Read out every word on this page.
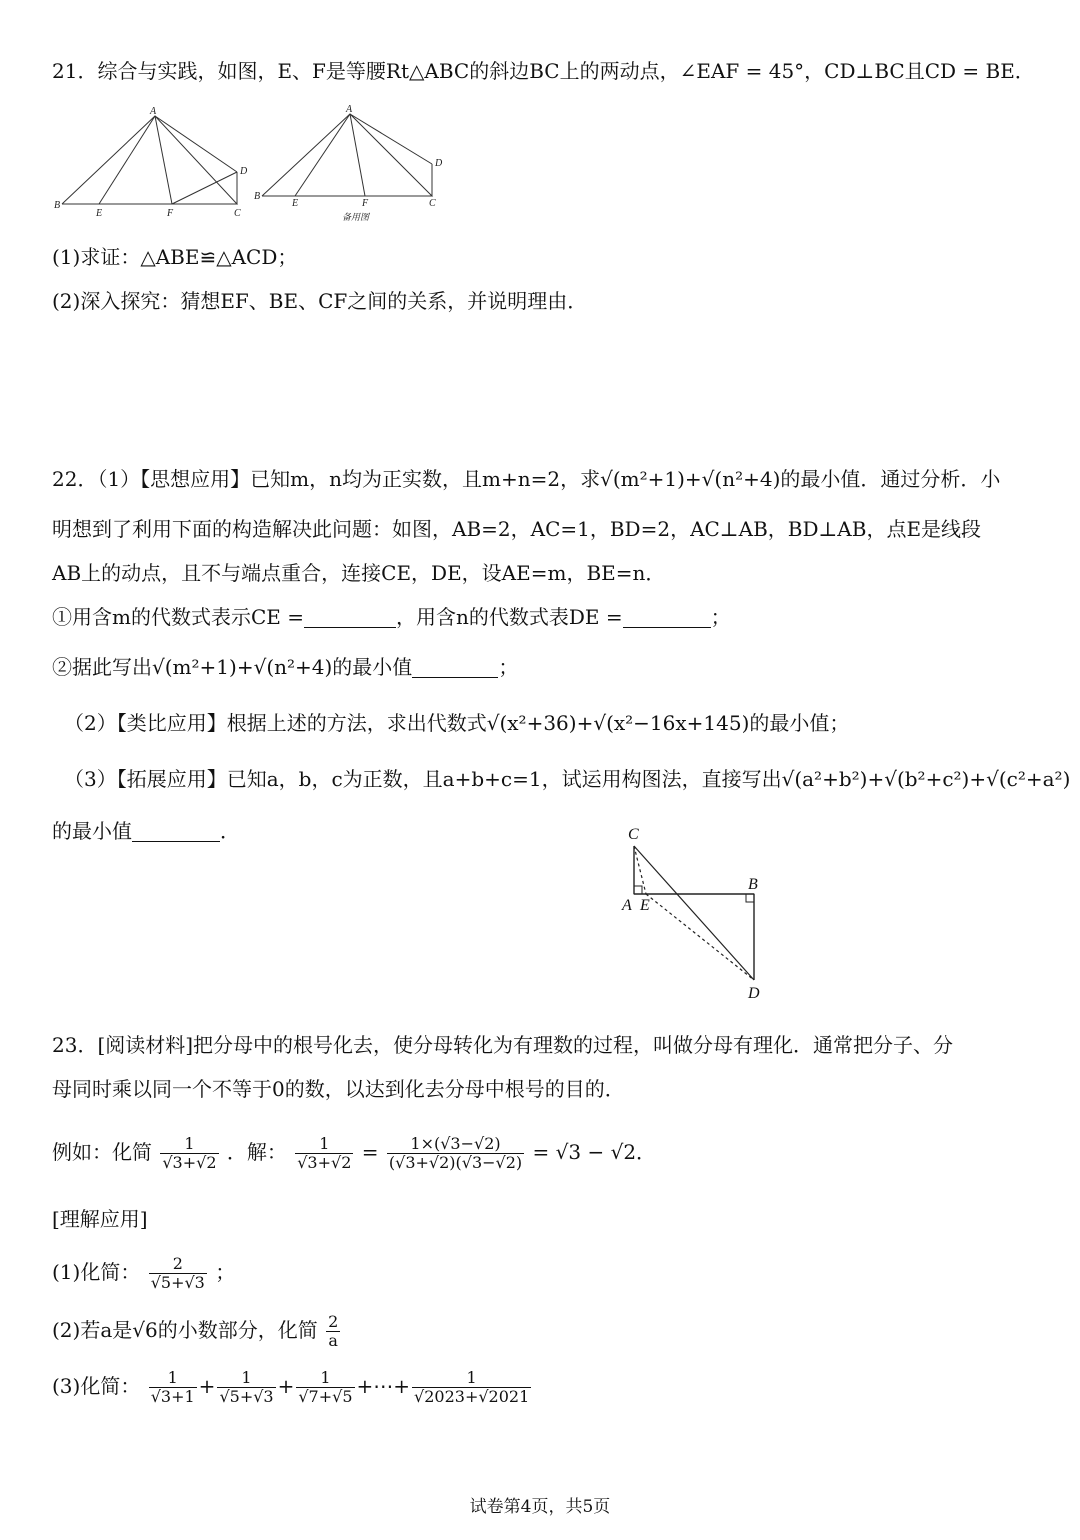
21．综合与实践，如图，E、F是等腰Rt△ABC的斜边BC上的两动点，∠EAF = 45°，CD⊥BC且CD = BE．
A
B
E	F	C
D
A
B
E	F	C
D
备用图
(1)求证：△ABE≌△ACD；
(2)深入探究：猜想EF、BE、CF之间的关系，并说明理由．
22．（1）【思想应用】已知m，n均为正实数，且m+n=2，求√(m²+1)+√(n²+4)的最小值．通过分析．小
明想到了利用下面的构造解决此问题：如图，AB=2，AC=1，BD=2，AC⊥AB，BD⊥AB，点E是线段
AB上的动点，且不与端点重合，连接CE，DE，设AE=m，BE=n．
①用含m的代数式表示CE =	，用含n的代数式表DE =	；
②据此写出√(m²+1)+√(n²+4)的最小值	；
（2）【类比应用】根据上述的方法，求出代数式√(x²+36)+√(x²−16x+145)的最小值；
（3）【拓展应用】已知a，b，c为正数，且a+b+c=1，试运用构图法，直接写出√(a²+b²)+√(b²+c²)+√(c²+a²)
的最小值	．	C
B
A E
D
23．[阅读材料]把分母中的根号化去，使分母转化为有理数的过程，叫做分母有理化．通常把分子、分
母同时乘以同一个不等于0的数，以达到化去分母中根号的目的．
例如：化简 $\frac{1}{√3+√2}$ ．解： $\frac{1}{√3+√2} = \frac{1\times(√3-√2)}{(√3+√2)(√3-√2)} = √3 - √2$．
[理解应用]
(1)化简： $\frac{2}{√5+√3}$ ；
(2)若a是√6的小数部分，化简 $\frac{2}{a}$
(3)化简： $\frac{1}{√3+1} + \frac{1}{√5+√3} + \frac{1}{√7+√5}$ +⋯+ $\frac{1}{√2023+√2021}$
试卷第4页，共5页
